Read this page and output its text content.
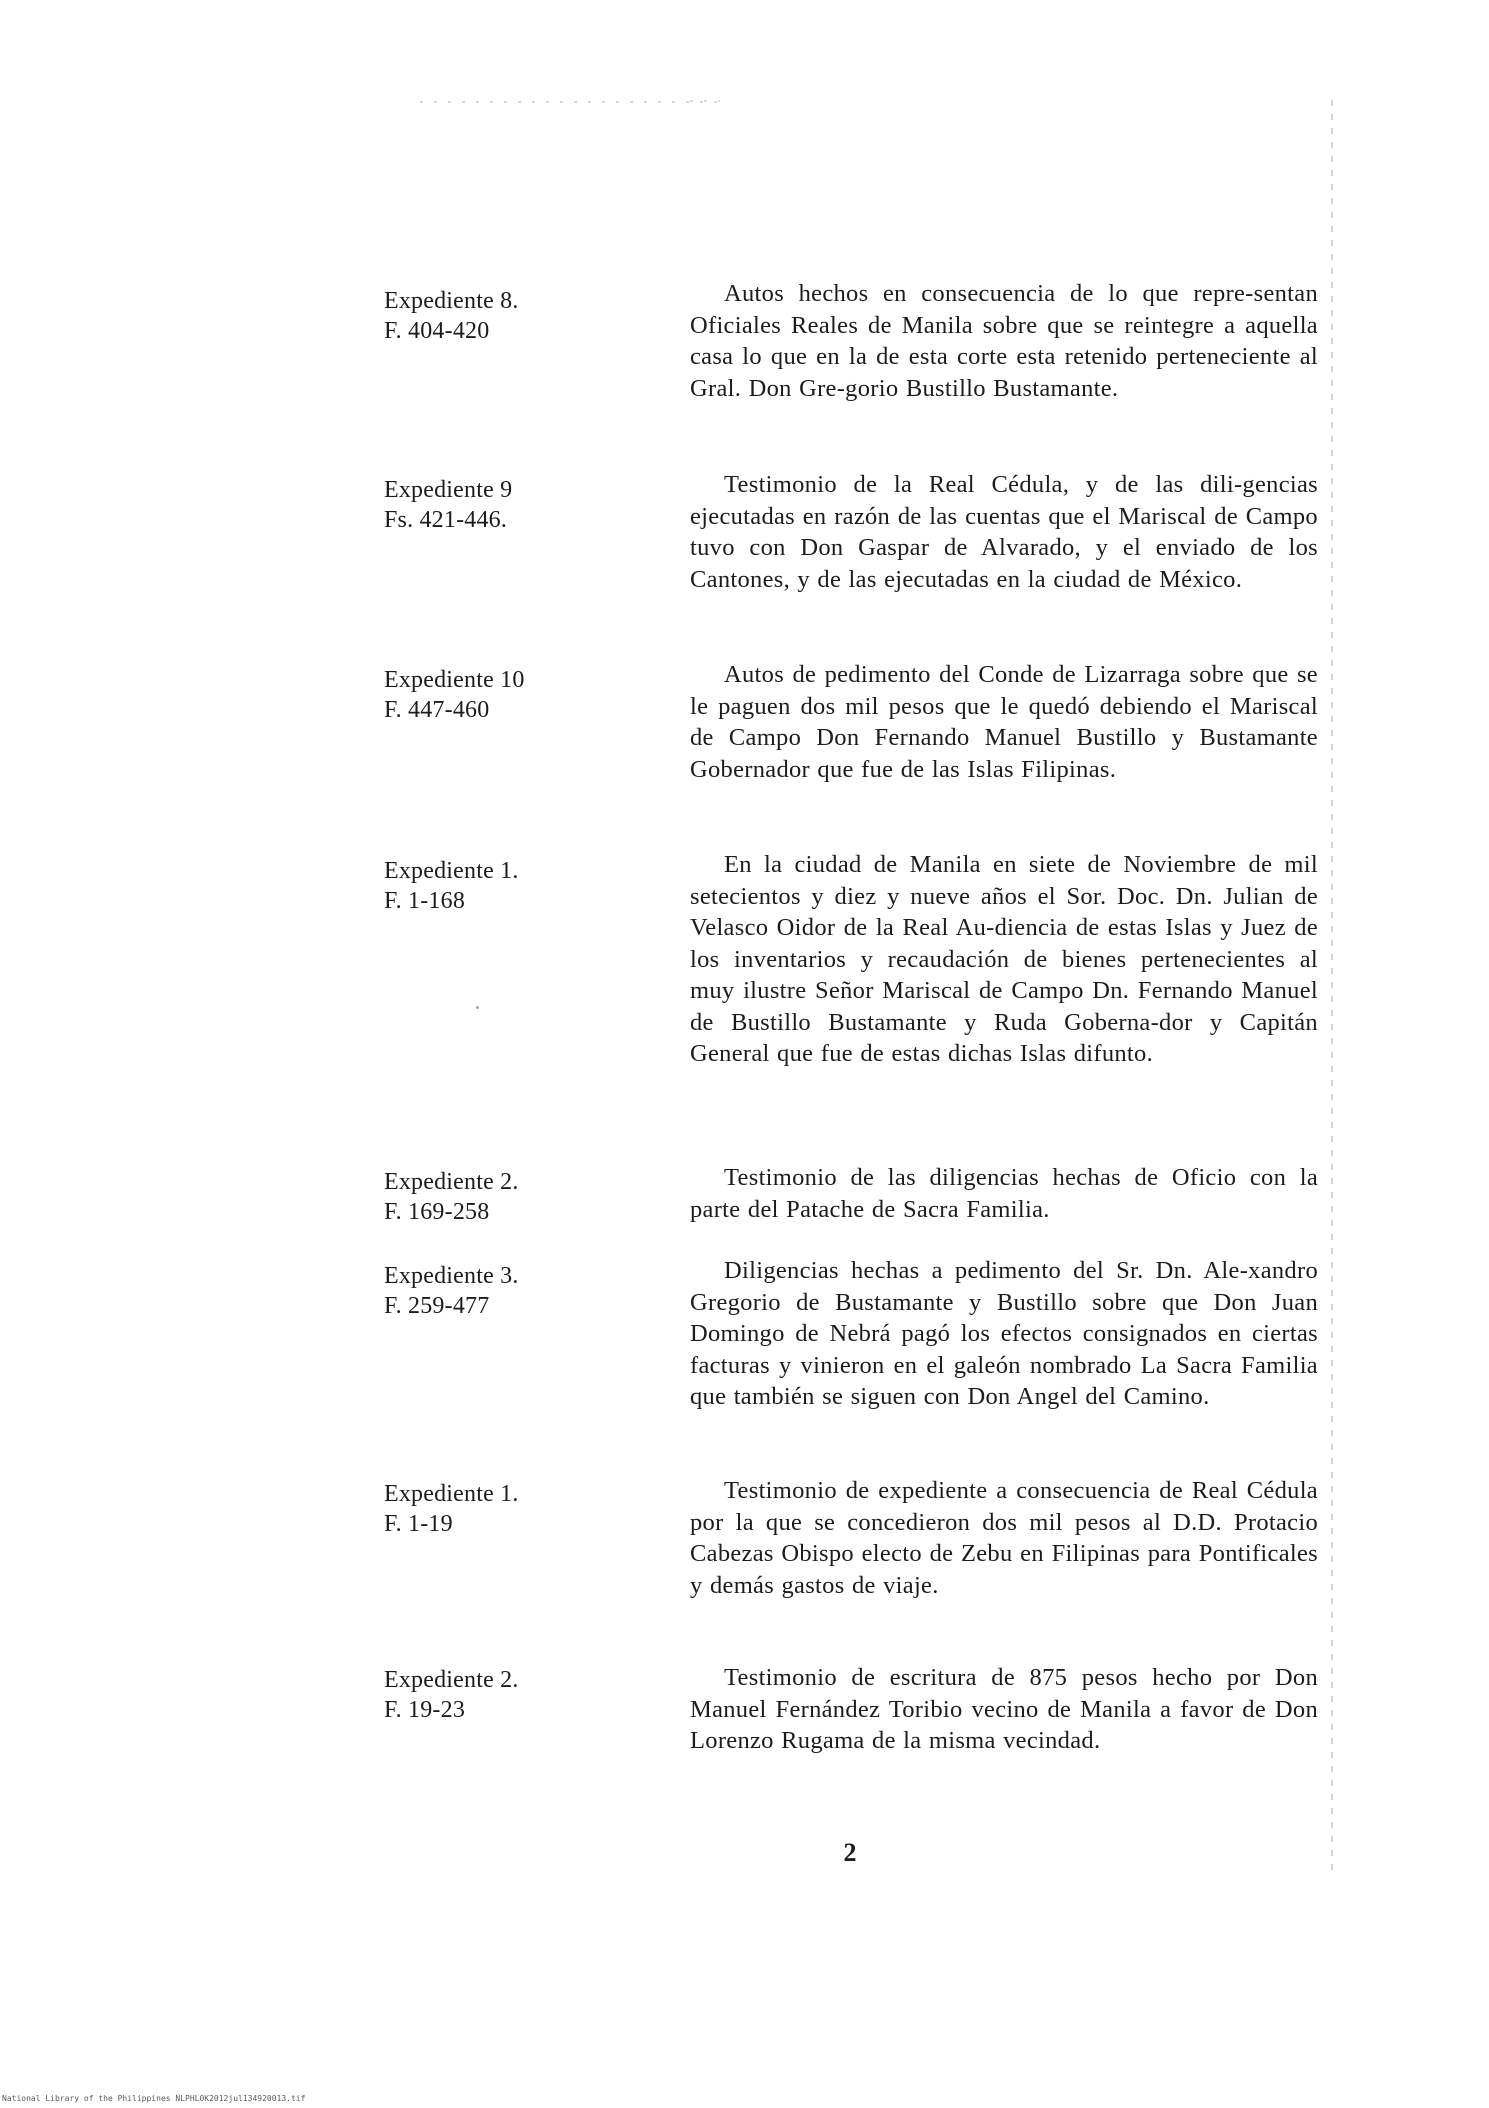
Expediente 8.
F. 404-420
Autos hechos en consecuencia de lo que repre-sentan Oficiales Reales de Manila sobre que se reintegre a aquella casa lo que en la de esta corte esta retenido perteneciente al Gral. Don Gre-gorio Bustillo Bustamante.
Expediente 9
Fs. 421-446.
Testimonio de la Real Cédula, y de las dili-gencias ejecutadas en razón de las cuentas que el Mariscal de Campo tuvo con Don Gaspar de Alvarado, y el enviado de los Cantones, y de las ejecutadas en la ciudad de México.
Expediente 10
F. 447-460
Autos de pedimento del Conde de Lizarraga sobre que se le paguen dos mil pesos que le quedó debiendo el Mariscal de Campo Don Fernando Manuel Bustillo y Bustamante Gobernador que fue de las Islas Filipinas.
Expediente 1.
F. 1-168
En la ciudad de Manila en siete de Noviembre de mil setecientos y diez y nueve años el Sor. Doc. Dn. Julian de Velasco Oidor de la Real Au-diencia de estas Islas y Juez de los inventarios y recaudación de bienes pertenecientes al muy ilustre Señor Mariscal de Campo Dn. Fernando Manuel de Bustillo Bustamante y Ruda Goberna-dor y Capitán General que fue de estas dichas Islas difunto.
Expediente 2.
F. 169-258
Testimonio de las diligencias hechas de Oficio con la parte del Patache de Sacra Familia.
Expediente 3.
F. 259-477
Diligencias hechas a pedimento del Sr. Dn. Ale-xandro Gregorio de Bustamante y Bustillo sobre que Don Juan Domingo de Nebrá pagó los efectos consignados en ciertas facturas y vinieron en el galeón nombrado La Sacra Familia que también se siguen con Don Angel del Camino.
Expediente 1.
F. 1-19
Testimonio de expediente a consecuencia de Real Cédula por la que se concedieron dos mil pesos al D.D. Protacio Cabezas Obispo electo de Zebu en Filipinas para Pontificales y demás gastos de viaje.
Expediente 2.
F. 19-23
Testimonio de escritura de 875 pesos hecho por Don Manuel Fernández Toribio vecino de Manila a favor de Don Lorenzo Rugama de la misma vecindad.
2
National Library of the Philippines NLPHL0K2012jul134920013.tif
